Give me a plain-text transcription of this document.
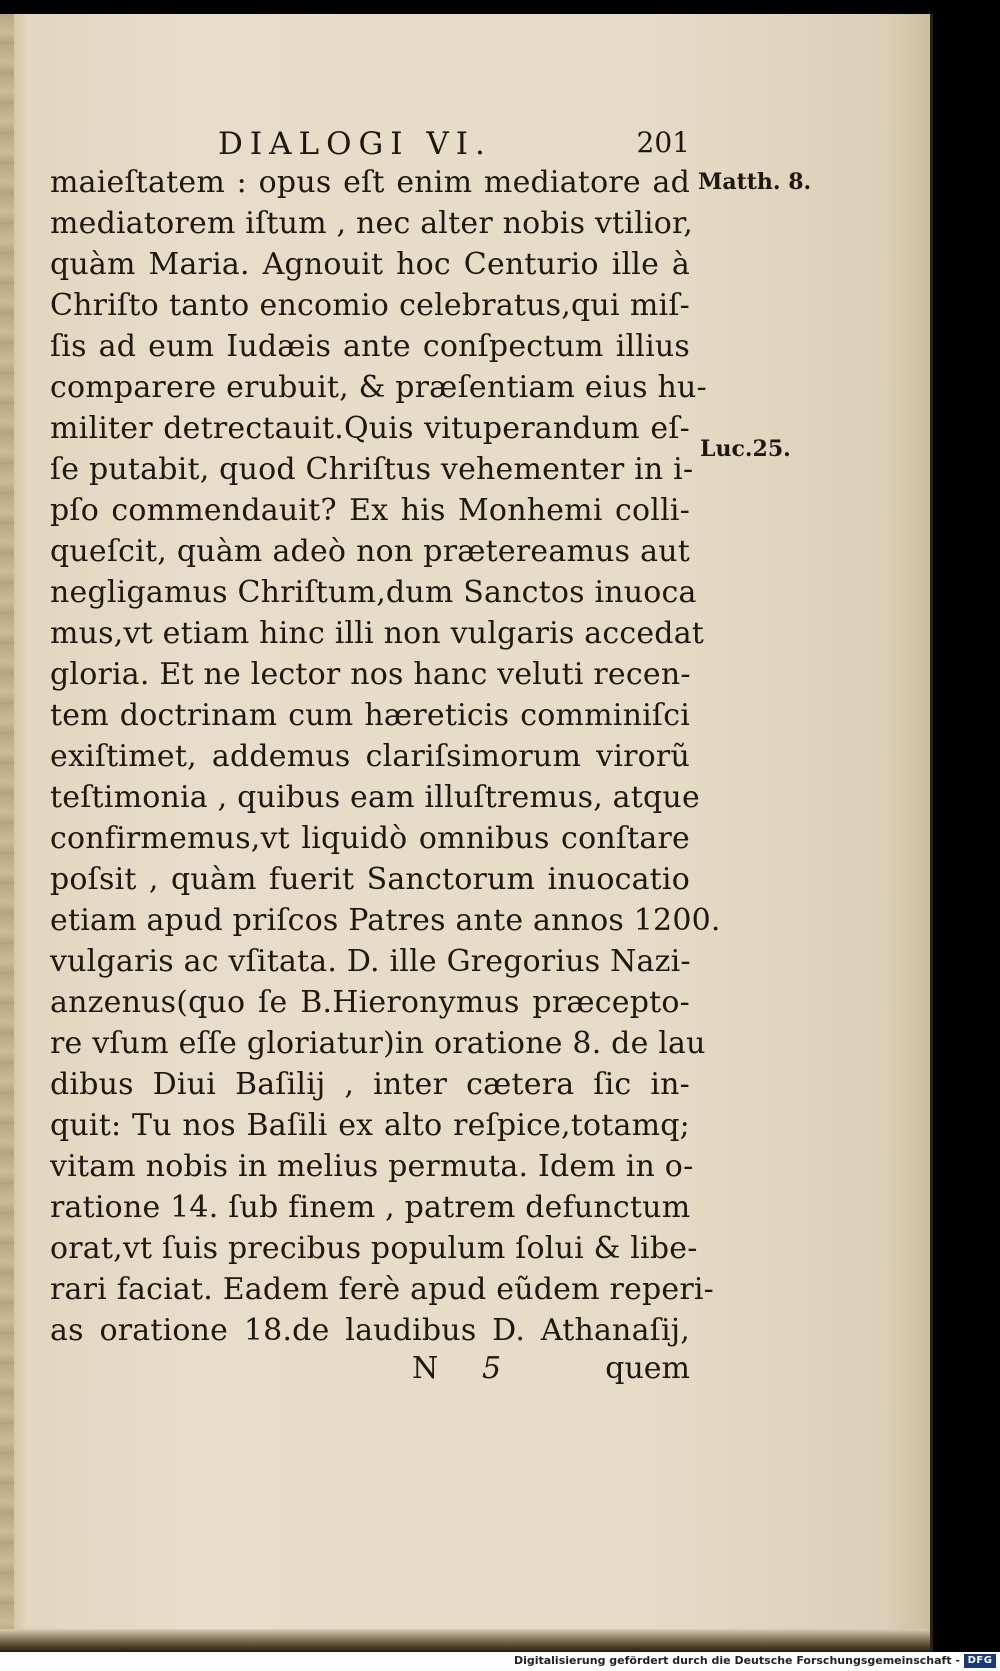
DIALOGI VI.	201
maieſtatem : opus eſt enim mediatore ad
mediatorem iſtum , nec alter nobis vtilior,
quàm Maria. Agnouit hoc Centurio ille à
Chriſto tanto encomio celebratus,qui miſ-
ſis ad eum Iudæis ante conſpectum illius
comparere erubuit, & præſentiam eius hu-
militer detrectauit.Quis vituperandum eſ-
ſe putabit, quod Chriſtus vehementer in i-
pſo commendauit? Ex his Monhemi colli-
queſcit, quàm adeò non prætereamus aut
negligamus Chriſtum,dum Sanctos inuoca
mus,vt etiam hinc illi non vulgaris accedat
gloria. Et ne lector nos hanc veluti recen-
tem doctrinam cum hæreticis comminiſci
exiſtimet, addemus clariſsimorum virorũ
teſtimonia , quibus eam illuſtremus, atque
confirmemus,vt liquidò omnibus conſtare
poſsit , quàm fuerit Sanctorum inuocatio
etiam apud priſcos Patres ante annos 1200.
vulgaris ac vſitata. D. ille Gregorius Nazi-
anzenus(quo ſe B.Hieronymus præcepto-
re vſum eſſe gloriatur)in oratione 8. de lau
dibus Diui Baſilij , inter cætera ſic in-
quit: Tu nos Baſili ex alto reſpice,totamq;
vitam nobis in melius permuta. Idem in o-
ratione 14. ſub finem , patrem defunctum
orat,vt ſuis precibus populum ſolui & libe-
rari faciat. Eadem ferè apud eũdem reperi-
as oratione 18.de laudibus D. Athanaſij,
N 5	quem
Matth. 8.
Luc.25.
Digitalisierung gefördert durch die Deutsche Forschungsgemeinschaft - DFG
